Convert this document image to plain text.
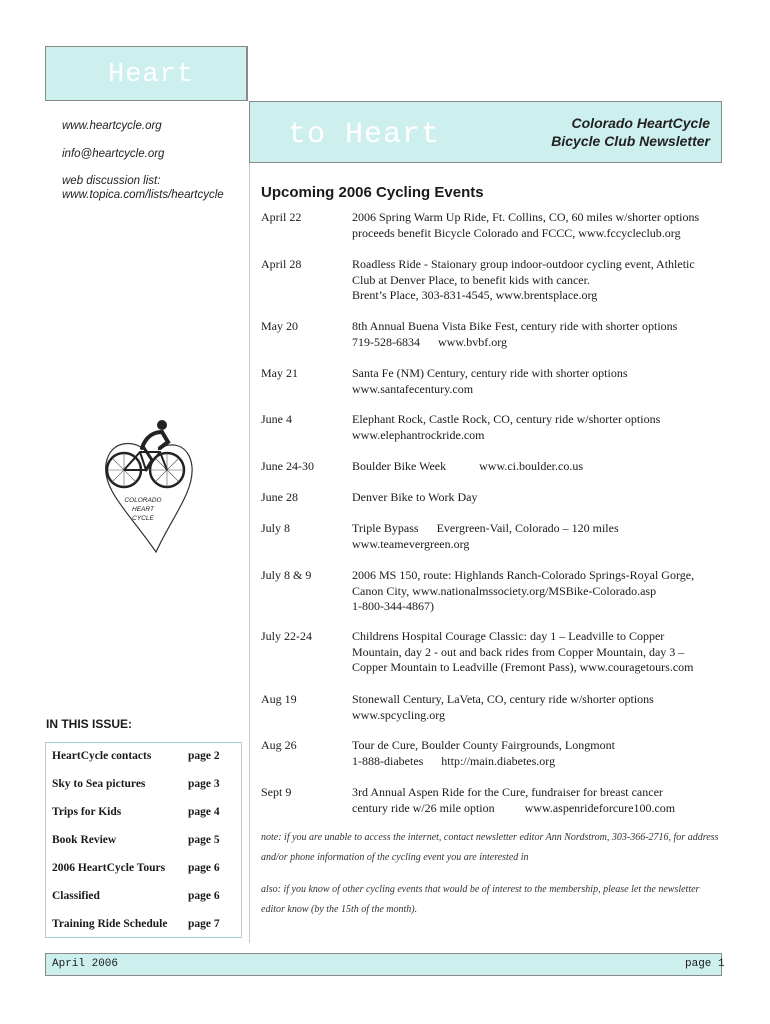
Heart
to Heart	Colorado HeartCycle
Bicycle Club Newsletter
www.heartcycle.org
info@heartcycle.org
web discussion list:
www.topica.com/lists/heartcycle
COLORADO
HEART
CYCLE
IN THIS ISSUE:
HeartCycle contacts	page 2
Sky to Sea pictures	page 3
Trips for Kids	page 4
Book Review	page 5
2006 HeartCycle Tours page 6
Classified	page 6
Training Ride Schedule page 7
Upcoming 2006 Cycling Events
April 22	2006 Spring Warm Up Ride, Ft. Collins, CO, 60 miles w/shorter options
proceeds benefit Bicycle Colorado and FCCC, www.fccycleclub.org
April 28	Roadless Ride - Staionary group indoor-outdoor cycling event, Athletic
Club at Denver Place, to benefit kids with cancer.
Brent’s Place, 303-831-4545, www.brentsplace.org
May 20	8th Annual Buena Vista Bike Fest, century ride with shorter options
719-528-6834      www.bvbf.org
May 21	Santa Fe (NM) Century, century ride with shorter options
www.santafecentury.com
June 4	Elephant Rock, Castle Rock, CO, century ride w/shorter options
www.elephantrockride.com
June 24-30	Boulder Bike Week           www.ci.boulder.co.us
June 28	Denver Bike to Work Day
July 8	Triple Bypass      Evergreen-Vail, Colorado – 120 miles
www.teamevergreen.org
July 8 & 9	2006 MS 150, route: Highlands Ranch-Colorado Springs-Royal Gorge,
Canon City, www.nationalmssociety.org/MSBike-Colorado.asp
1-800-344-4867)
July 22-24	Childrens Hospital Courage Classic: day 1 – Leadville to Copper
Mountain, day 2 - out and back rides from Copper Mountain, day 3 –
Copper Mountain to Leadville (Fremont Pass), www.couragetours.com
Aug 19	Stonewall Century, LaVeta, CO, century ride w/shorter options
www.spcycling.org
Aug 26	Tour de Cure, Boulder County Fairgrounds, Longmont
1-888-diabetes      http://main.diabetes.org
Sept 9	3rd Annual Aspen Ride for the Cure, fundraiser for breast cancer
century ride w/26 mile option          www.aspenrideforcure100.com
note: if you are unable to access the internet, contact newsletter editor Ann Nordstrom, 303-366-2716, for address and/or phone information of the cycling event you are interested in
also: if you know of other cycling events that would be of interest to the membership, please let the newsletter editor know (by the 15th of the month).
April 2006	page 1
